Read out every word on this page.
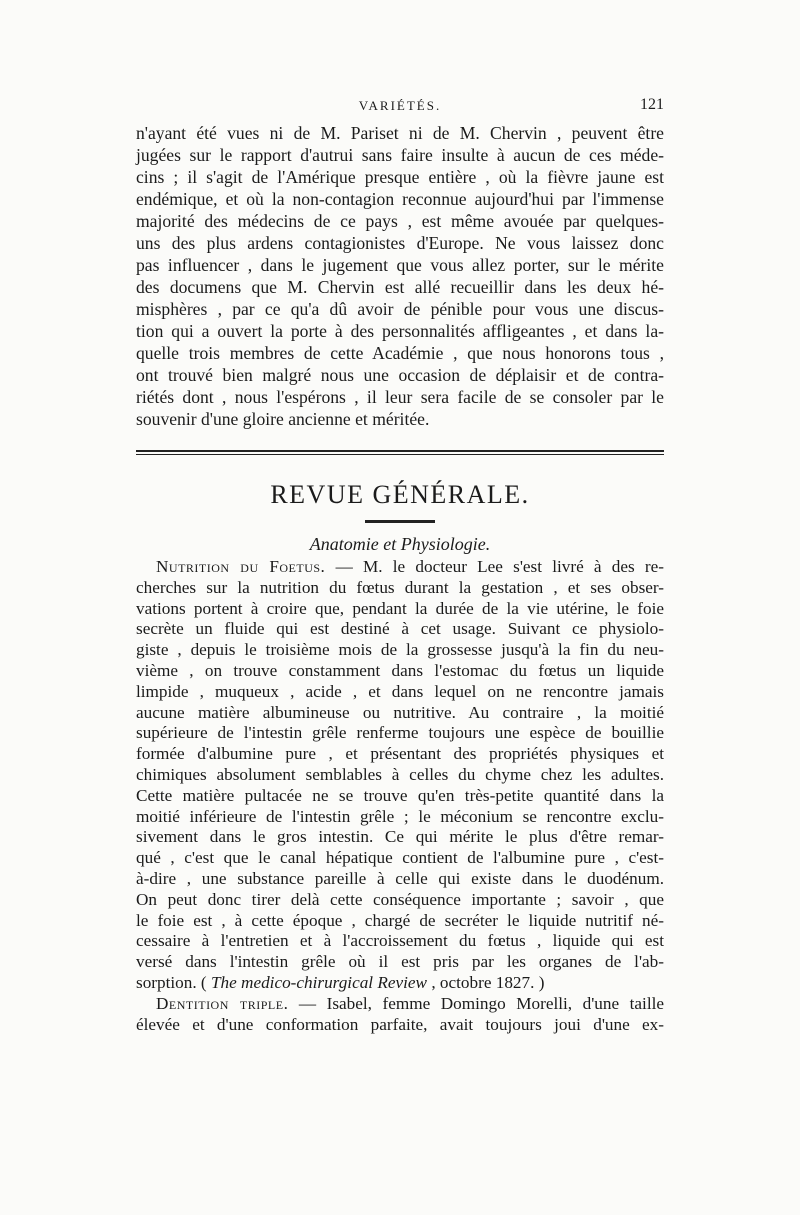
VARIÉTÉS.	121

n'ayant été vues ni de M. Pariset ni de M. Chervin , peuvent être

jugées sur le rapport d'autrui sans faire insulte à aucun de ces méde-

cins ; il s'agit de l'Amérique presque entière , où la fièvre jaune est

endémique, et où la non-contagion reconnue aujourd'hui par l'immense

majorité des médecins de ce pays , est même avouée par quelques-

uns des plus ardens contagionistes d'Europe. Ne vous laissez donc

pas influencer , dans le jugement que vous allez porter, sur le mérite

des documens que M. Chervin est allé recueillir dans les deux hé-

misphères , par ce qu'a dû avoir de pénible pour vous une discus-

tion qui a ouvert la porte à des personnalités affligeantes , et dans la-

quelle trois membres de cette Académie , que nous honorons tous ,

ont trouvé bien malgré nous une occasion de déplaisir et de contra-

riétés dont , nous l'espérons , il leur sera facile de se consoler par le

souvenir d'une gloire ancienne et méritée.

REVUE GÉNÉRALE.
Anatomie et Physiologie.

Nutrition du Foetus. — M. le docteur Lee s'est livré à des re-

cherches sur la nutrition du fœtus durant la gestation , et ses obser-

vations portent à croire que, pendant la durée de la vie utérine, le foie

secrète un fluide qui est destiné à cet usage. Suivant ce physiolo-

giste , depuis le troisième mois de la grossesse jusqu'à la fin du neu-

vième , on trouve constamment dans l'estomac du fœtus un liquide

limpide , muqueux , acide , et dans lequel on ne rencontre jamais

aucune matière albumineuse ou nutritive. Au contraire , la moitié

supérieure de l'intestin grêle renferme toujours une espèce de bouillie

formée d'albumine pure , et présentant des propriétés physiques et

chimiques absolument semblables à celles du chyme chez les adultes.

Cette matière pultacée ne se trouve qu'en très-petite quantité dans la

moitié inférieure de l'intestin grêle ; le méconium se rencontre exclu-

sivement dans le gros intestin. Ce qui mérite le plus d'être remar-

qué , c'est que le canal hépatique contient de l'albumine pure , c'est-

à-dire , une substance pareille à celle qui existe dans le duodénum.

On peut donc tirer delà cette conséquence importante ; savoir , que

le foie est , à cette époque , chargé de secréter le liquide nutritif né-

cessaire à l'entretien et à l'accroissement du fœtus , liquide qui est

versé dans l'intestin grêle où il est pris par les organes de l'ab-

sorption. ( The medico-chirurgical Review , octobre 1827. )

Dentition triple. — Isabel, femme Domingo Morelli, d'une taille

élevée et d'une conformation parfaite, avait toujours joui d'une ex-
